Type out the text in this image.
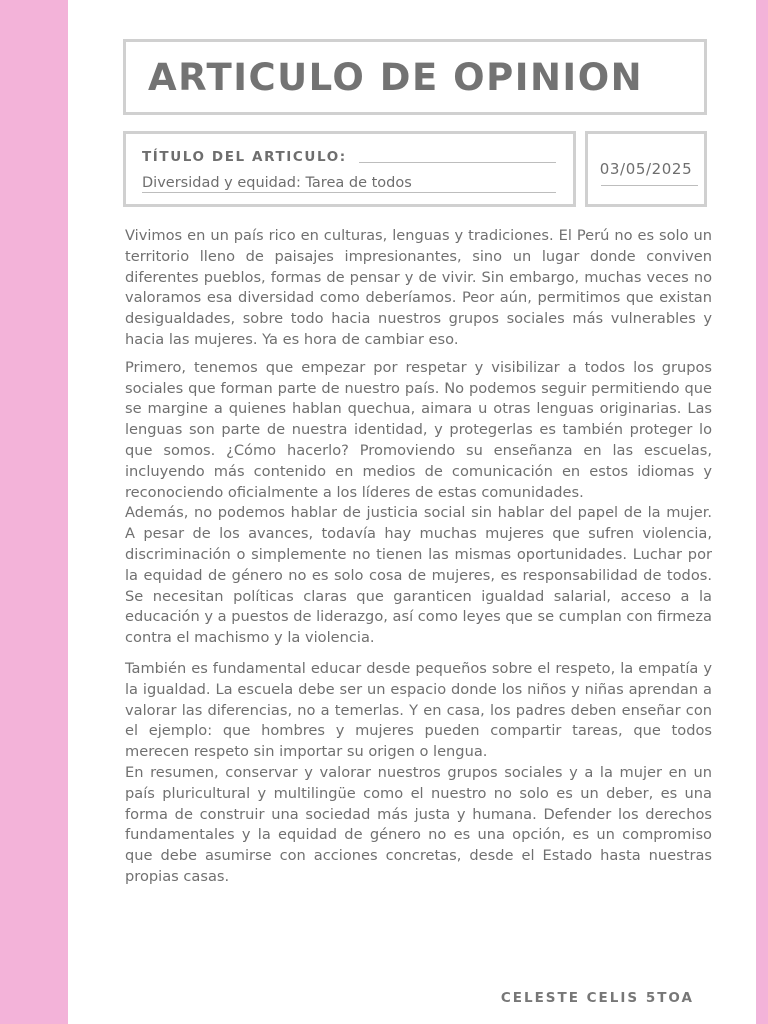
ARTICULO DE OPINION
TÍTULO DEL ARTICULO:
Diversidad y equidad: Tarea de todos
03/05/2025

Vivimos en un país rico en culturas, lenguas y tradiciones. El Perú no es solo un territorio lleno de paisajes impresionantes, sino un lugar donde conviven diferentes pueblos, formas de pensar y de vivir. Sin embargo, muchas veces no valoramos esa diversidad como deberíamos. Peor aún, permitimos que existan desigualdades, sobre todo hacia nuestros grupos sociales más vulnerables y hacia las mujeres. Ya es hora de cambiar eso.

Primero, tenemos que empezar por respetar y visibilizar a todos los grupos sociales que forman parte de nuestro país. No podemos seguir permitiendo que se margine a quienes hablan quechua, aimara u otras lenguas originarias. Las lenguas son parte de nuestra identidad, y protegerlas es también proteger lo que somos. ¿Cómo hacerlo? Promoviendo su enseñanza en las escuelas, incluyendo más contenido en medios de comunicación en estos idiomas y reconociendo oficialmente a los líderes de estas comunidades.

Además, no podemos hablar de justicia social sin hablar del papel de la mujer. A pesar de los avances, todavía hay muchas mujeres que sufren violencia, discriminación o simplemente no tienen las mismas oportunidades. Luchar por la equidad de género no es solo cosa de mujeres, es responsabilidad de todos. Se necesitan políticas claras que garanticen igualdad salarial, acceso a la educación y a puestos de liderazgo, así como leyes que se cumplan con firmeza contra el machismo y la violencia.

También es fundamental educar desde pequeños sobre el respeto, la empatía y la igualdad. La escuela debe ser un espacio donde los niños y niñas aprendan a valorar las diferencias, no a temerlas. Y en casa, los padres deben enseñar con el ejemplo: que hombres y mujeres pueden compartir tareas, que todos merecen respeto sin importar su origen o lengua.

En resumen, conservar y valorar nuestros grupos sociales y a la mujer en un país pluricultural y multilingüe como el nuestro no solo es un deber, es una forma de construir una sociedad más justa y humana. Defender los derechos fundamentales y la equidad de género no es una opción, es un compromiso que debe asumirse con acciones concretas, desde el Estado hasta nuestras propias casas.

CELESTE CELIS 5TOA
